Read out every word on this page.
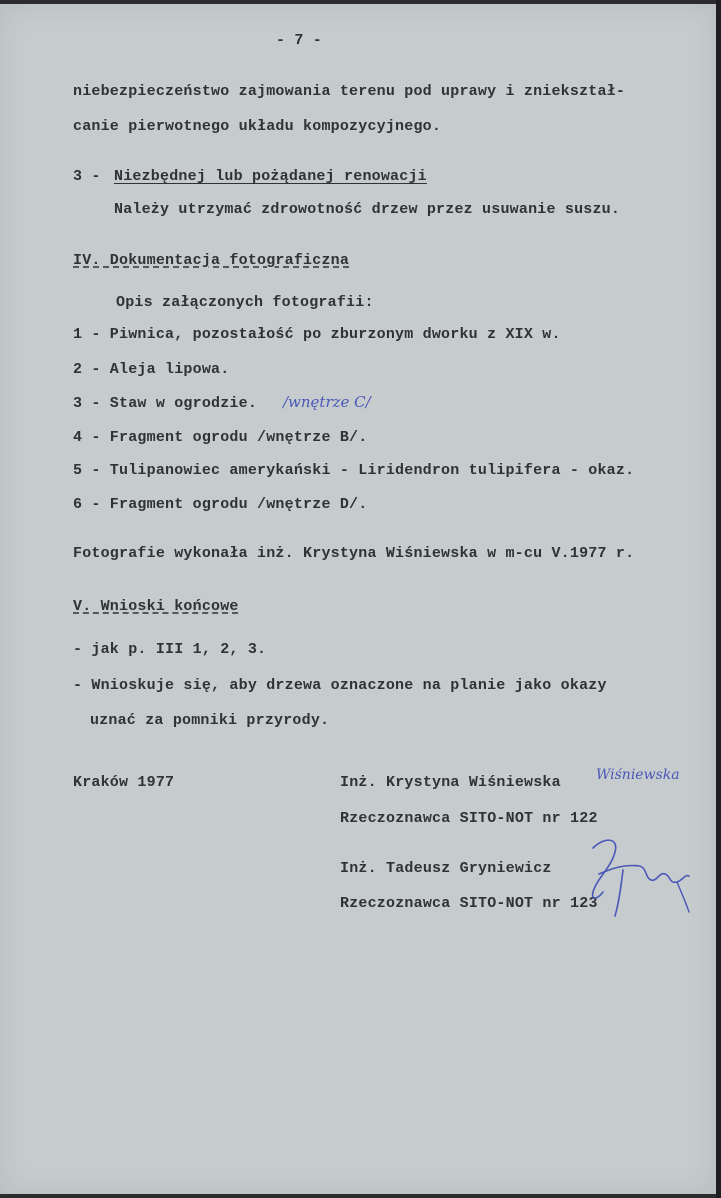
- 7 -
niebezpieczeństwo zajmowania terenu pod uprawy i zniekształ-
canie pierwotnego układu kompozycyjnego.
3 - Niezbędnej lub pożądanej renowacji
Należy utrzymać zdrowotność drzew przez usuwanie suszu.
IV. Dokumentacja fotograficzna
Opis załączonych fotografii:
1 - Piwnica, pozostałość po zburzonym dworku z XIX w.
2 - Aleja lipowa.
3 - Staw w ogrodzie. /wnętrze C/
4 - Fragment ogrodu /wnętrze B/.
5 - Tulipanowiec amerykański - Liridendron tulipifera - okaz.
6 - Fragment ogrodu /wnętrze D/.
Fotografie wykonała inż. Krystyna Wiśniewska w m-cu V.1977 r.
V. Wnioski końcowe
- jak p. III 1, 2, 3.
- Wnioskuje się, aby drzewa oznaczone na planie jako okazy
uznać za pomniki przyrody.
Kraków 1977	Inż. Krystyna Wiśniewska	Wiśniewska
Rzeczoznawca SITO-NOT nr 122
Inż. Tadeusz Gryniewicz
Rzeczoznawca SITO-NOT nr 123
